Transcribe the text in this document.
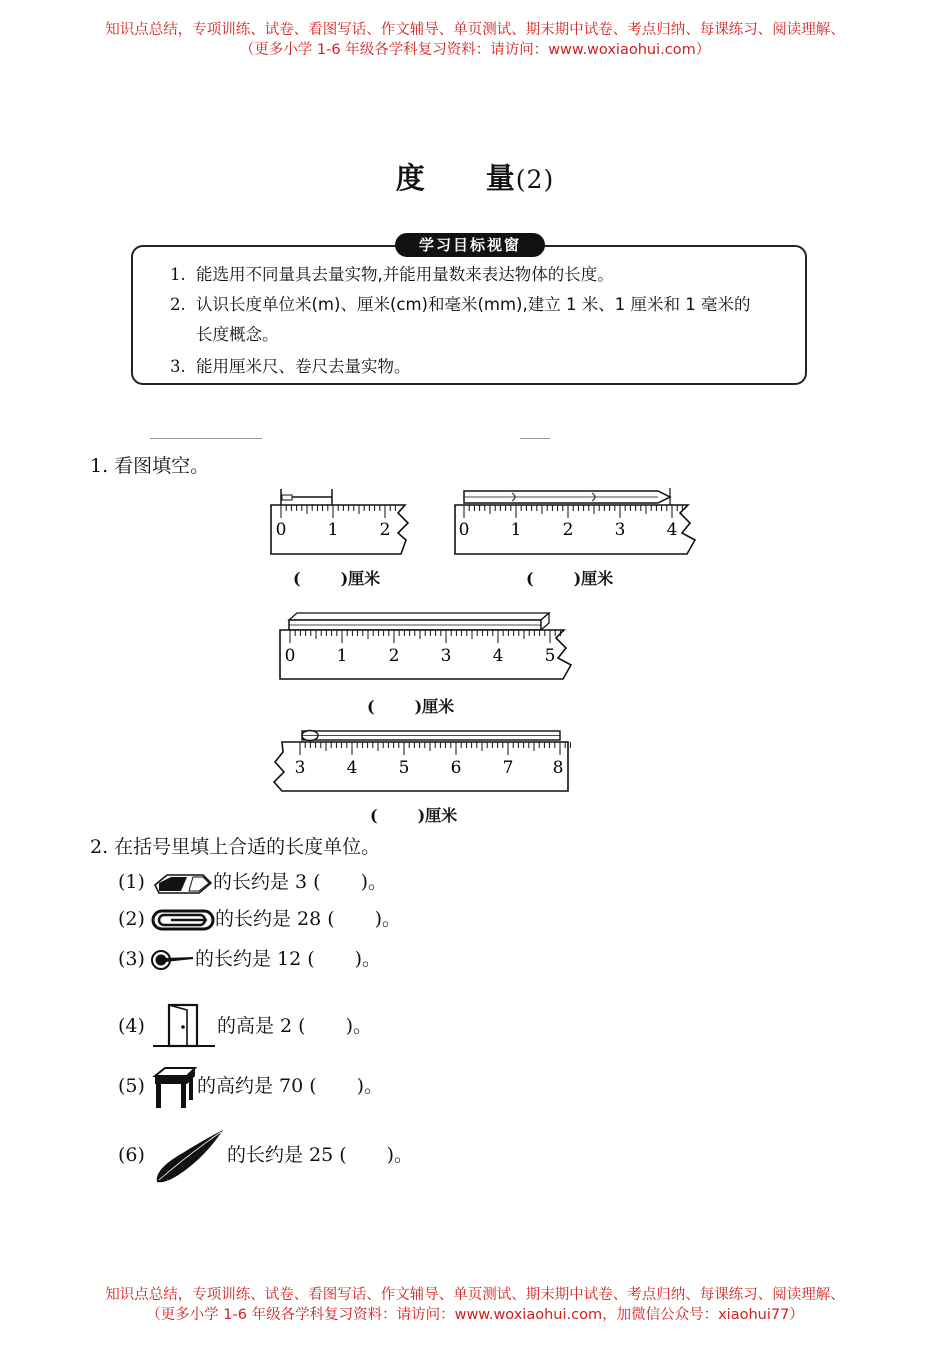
知识点总结，专项训练、试卷、看图写话、作文辅导、单页测试、期末期中试卷、考点归纳、每课练习、阅读理解、
（更多小学 1-6 年级各学科复习资料：请访问：www.woxiaohui.com）
度 量(2)
学习目标视窗
1. 能选用不同量具去量实物,并能用量数来表达物体的长度。
2. 认识长度单位米(m)、厘米(cm)和毫米(mm),建立 1 米、1 厘米和 1 毫米的
长度概念。
3. 能用厘米尺、卷尺去量实物。
1. 看图填空。
0 1 2
(	)厘米
0 1 2 3 4
(	)厘米
0 1 2 3 4 5
(	)厘米
3 4 5 6 7 8
(	)厘米
2. 在括号里填上合适的长度单位。
(1)	的长约是 3 ( )。
(2)	的长约是 28 ( )。
(3)	的长约是 12 ( )。
(4)	的高是 2 ( )。
(5)	的高约是 70 ( )。
(6)	的长约是 25 ( )。
知识点总结，专项训练、试卷、看图写话、作文辅导、单页测试、期末期中试卷、考点归纳、每课练习、阅读理解、
（更多小学 1-6 年级各学科复习资料：请访问：www.woxiaohui.com，加微信公众号：xiaohui77）
